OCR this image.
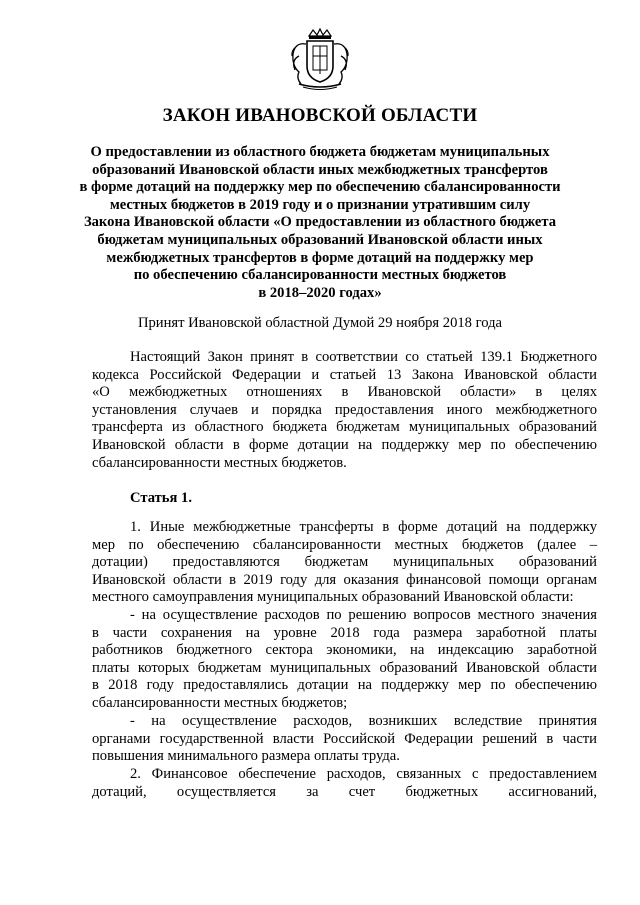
ЗАКОН ИВАНОВСКОЙ ОБЛАСТИ
О предоставлении из областного бюджета бюджетам муниципальных
образований Ивановской области иных межбюджетных трансфертов
в форме дотаций на поддержку мер по обеспечению сбалансированности
местных бюджетов в 2019 году и о признании утратившим силу
Закона Ивановской области «О предоставлении из областного бюджета
бюджетам муниципальных образований Ивановской области иных
межбюджетных трансфертов в форме дотаций на поддержку мер
по обеспечению сбалансированности местных бюджетов
в 2018–2020 годах»

Принят Ивановской областной Думой 29 ноября 2018 года

Настоящий Закон принят в соответствии со статьей 139.1 Бюджетного
кодекса Российской Федерации и статьей 13 Закона Ивановской области
«О межбюджетных отношениях в Ивановской области» в целях
установления случаев и порядка предоставления иного межбюджетного
трансферта из областного бюджета бюджетам муниципальных образований
Ивановской области в форме дотации на поддержку мер по обеспечению
сбалансированности местных бюджетов.

Статья 1.

1. Иные межбюджетные трансферты в форме дотаций на поддержку
мер по обеспечению сбалансированности местных бюджетов (далее –
дотации) предоставляются бюджетам муниципальных образований
Ивановской области в 2019 году для оказания финансовой помощи органам
местного самоуправления муниципальных образований Ивановской области:
- на осуществление расходов по решению вопросов местного значения
в части сохранения на уровне 2018 года размера заработной платы
работников бюджетного сектора экономики, на индексацию заработной
платы которых бюджетам муниципальных образований Ивановской области
в 2018 году предоставлялись дотации на поддержку мер по обеспечению
сбалансированности местных бюджетов;
- на осуществление расходов, возникших вследствие принятия
органами государственной власти Российской Федерации решений в части
повышения минимального размера оплаты труда.
2. Финансовое обеспечение расходов, связанных с предоставлением
дотаций, осуществляется за счет бюджетных ассигнований,
